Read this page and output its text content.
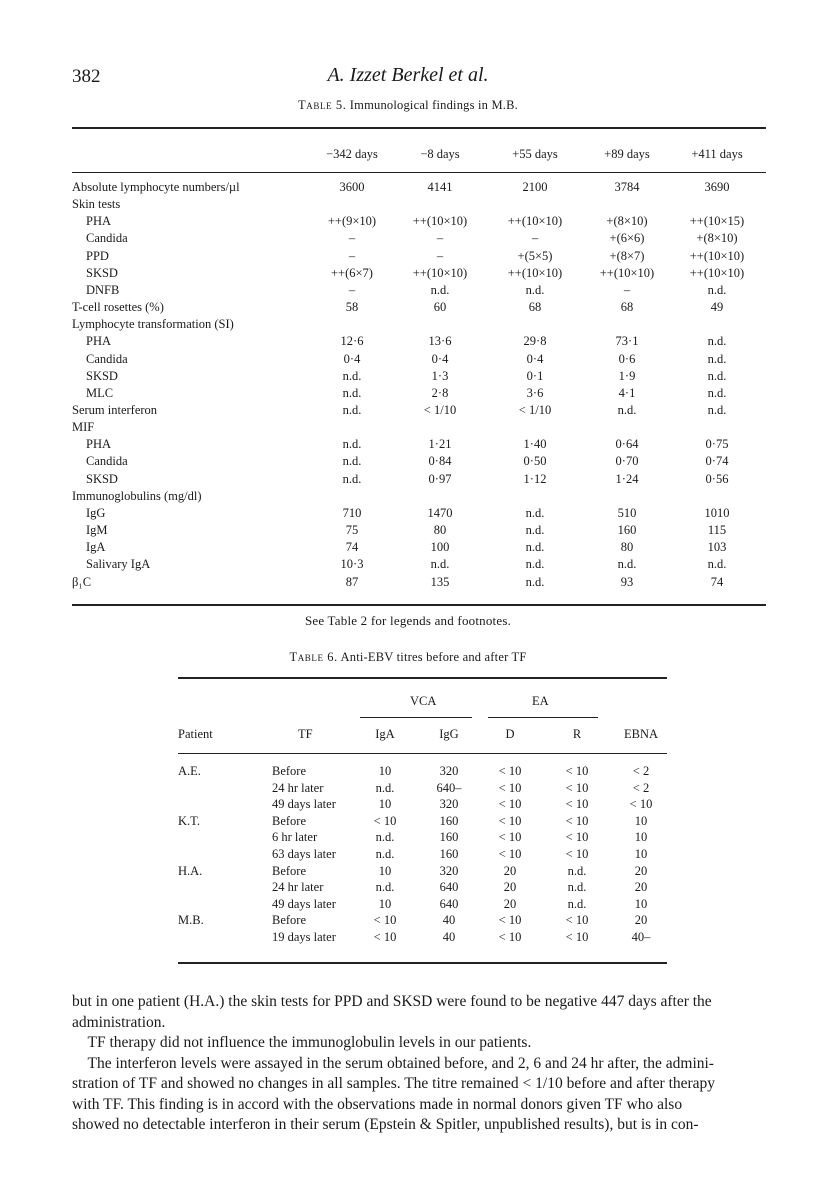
382	A. Izzet Berkel et al.
Table 5. Immunological findings in M.B.
−342 days	−8 days	+55 days	+89 days	+411 days
Absolute lymphocyte numbers/µl	3600	4141	2100	3784	3690
Skin tests
PHA	++(9×10)	++(10×10)	++(10×10)	+(8×10)	++(10×15)
Candida	–	–	–	+(6×6)	+(8×10)
PPD	–	–	+(5×5)	+(8×7)	++(10×10)
SKSD	++(6×7)	++(10×10)	++(10×10)	++(10×10)	++(10×10)
DNFB	–	n.d.	n.d.	–	n.d.
T-cell rosettes (%)	58	60	68	68	49
Lymphocyte transformation (SI)
PHA	12·6	13·6	29·8	73·1	n.d.
Candida	0·4	0·4	0·4	0·6	n.d.
SKSD	n.d.	1·3	0·1	1·9	n.d.
MLC	n.d.	2·8	3·6	4·1	n.d.
Serum interferon	n.d.	< 1/10	< 1/10	n.d.	n.d.
MIF
PHA	n.d.	1·21	1·40	0·64	0·75
Candida	n.d.	0·84	0·50	0·70	0·74
SKSD	n.d.	0·97	1·12	1·24	0·56
Immunoglobulins (mg/dl)
IgG	710	1470	n.d.	510	1010
IgM	75	80	n.d.	160	115
IgA	74	100	n.d.	80	103
Salivary IgA	10·3	n.d.	n.d.	n.d.	n.d.
β₁C	87	135	n.d.	93	74
See Table 2 for legends and footnotes.
Table 6. Anti-EBV titres before and after TF
VCA	EA
Patient	TF	IgA	IgG	D	R	EBNA
A.E.	Before	10	320	< 10	< 10	< 2
24 hr later	n.d.	640–	< 10	< 10	< 2
49 days later	10	320	< 10	< 10	< 10
K.T.	Before	< 10	160	< 10	< 10	10
6 hr later	n.d.	160	< 10	< 10	10
63 days later	n.d.	160	< 10	< 10	10
H.A.	Before	10	320	20	n.d.	20
24 hr later	n.d.	640	20	n.d.	20
49 days later	10	640	20	n.d.	10
M.B.	Before	< 10	40	< 10	< 10	20
19 days later	< 10	40	< 10	< 10	40–
but in one patient (H.A.) the skin tests for PPD and SKSD were found to be negative 447 days after the
administration.
 TF therapy did not influence the immunoglobulin levels in our patients.
 The interferon levels were assayed in the serum obtained before, and 2, 6 and 24 hr after, the admini-
stration of TF and showed no changes in all samples. The titre remained < 1/10 before and after therapy
with TF. This finding is in accord with the observations made in normal donors given TF who also
showed no detectable interferon in their serum (Epstein & Spitler, unpublished results), but is in con-
